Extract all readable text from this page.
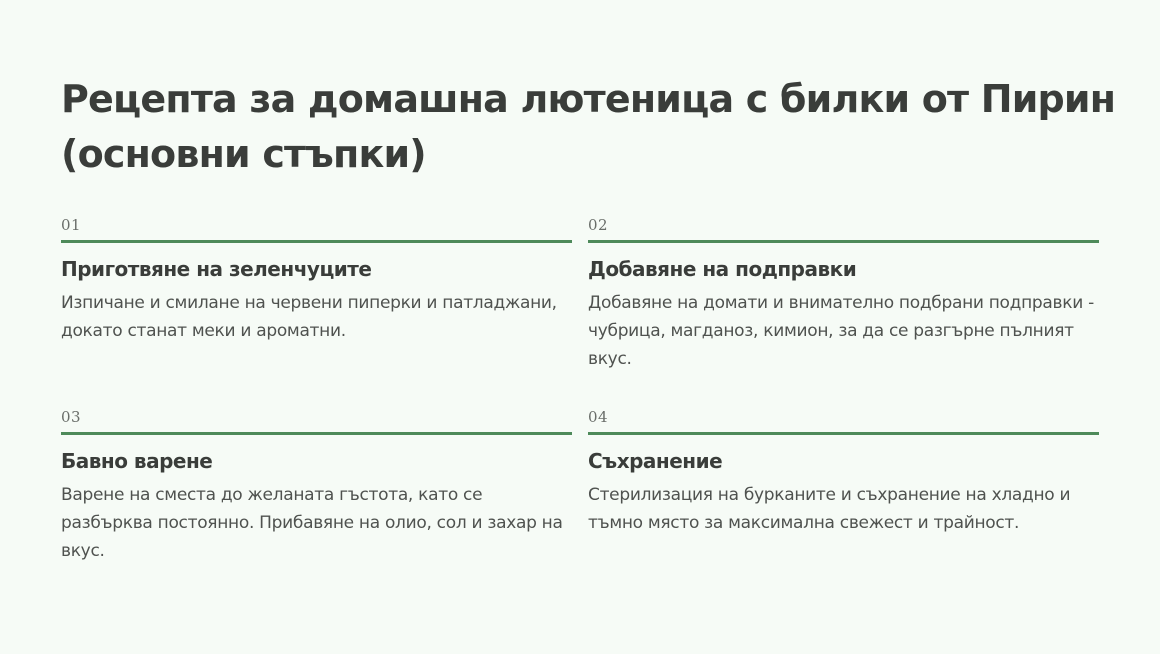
Рецепта за домашна лютеница с билки от Пирин (основни стъпки)
01
Приготвяне на зеленчуците
Изпичане и смилане на червени пиперки и патладжани, докато станат меки и ароматни.
02
Добавяне на подправки
Добавяне на домати и внимателно подбрани подправки - чубрица, магданоз, кимион, за да се разгърне пълният вкус.
03
Бавно варене
Варене на сместа до желаната гъстота, като се разбърква постоянно. Прибавяне на олио, сол и захар на вкус.
04
Съхранение
Стерилизация на бурканите и съхранение на хладно и тъмно място за максимална свежест и трайност.
